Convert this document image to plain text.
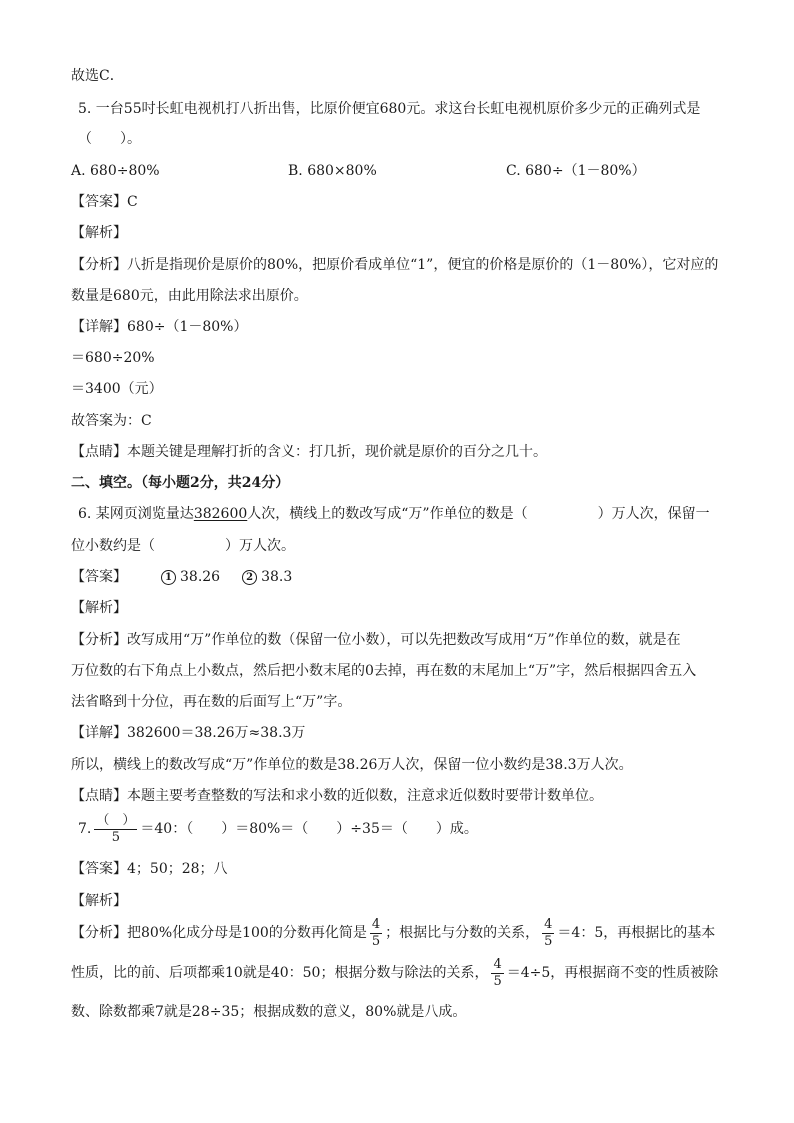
故选C．
5. 一台55吋长虹电视机打八折出售，比原价便宜680元。求这台长虹电视机原价多少元的正确列式是
（　　）。
A. 680÷80%	B. 680×80%	C. 680÷（1－80%）
【答案】C
【解析】
【分析】八折是指现价是原价的80%，把原价看成单位“1”，便宜的价格是原价的（1－80%），它对应的
数量是680元，由此用除法求出原价。
【详解】680÷（1－80%）
＝680÷20%
＝3400（元）
故答案为：C
【点睛】本题关键是理解打折的含义：打几折，现价就是原价的百分之几十。
二、填空。（每小题2分，共24分）
6. 某网页浏览量达382600人次，横线上的数改写成“万”作单位的数是（　　　　　）万人次，保留一
位小数约是（　　　　　）万人次。
【答案】	1 38.26	2 38.3
【解析】
【分析】改写成用“万”作单位的数（保留一位小数），可以先把数改写成用“万”作单位的数，就是在
万位数的右下角点上小数点，然后把小数末尾的0去掉，再在数的末尾加上“万”字，然后根据四舍五入
法省略到十分位，再在数的后面写上“万”字。
【详解】382600＝38.26万≈38.3万
所以，横线上的数改写成“万”作单位的数是38.26万人次，保留一位小数约是38.3万人次。
【点睛】本题主要考查整数的写法和求小数的近似数，注意求近似数时要带计数单位。
7. $\frac{( )}{5} =40$：（　　）＝80%＝（　　）÷35＝（　　）成。
【答案】4；50；28；八
【解析】
【分析】把80%化成分母是100的分数再化简是 $\frac{4}{5}$ ；根据比与分数的关系， $\frac{4}{5} =4$：5，再根据比的基本
性质，比的前、后项都乘10就是40：50；根据分数与除法的关系， $\frac{4}{5} =4\div 5$，再根据商不变的性质被除
数、除数都乘7就是28÷35；根据成数的意义，80%就是八成。
